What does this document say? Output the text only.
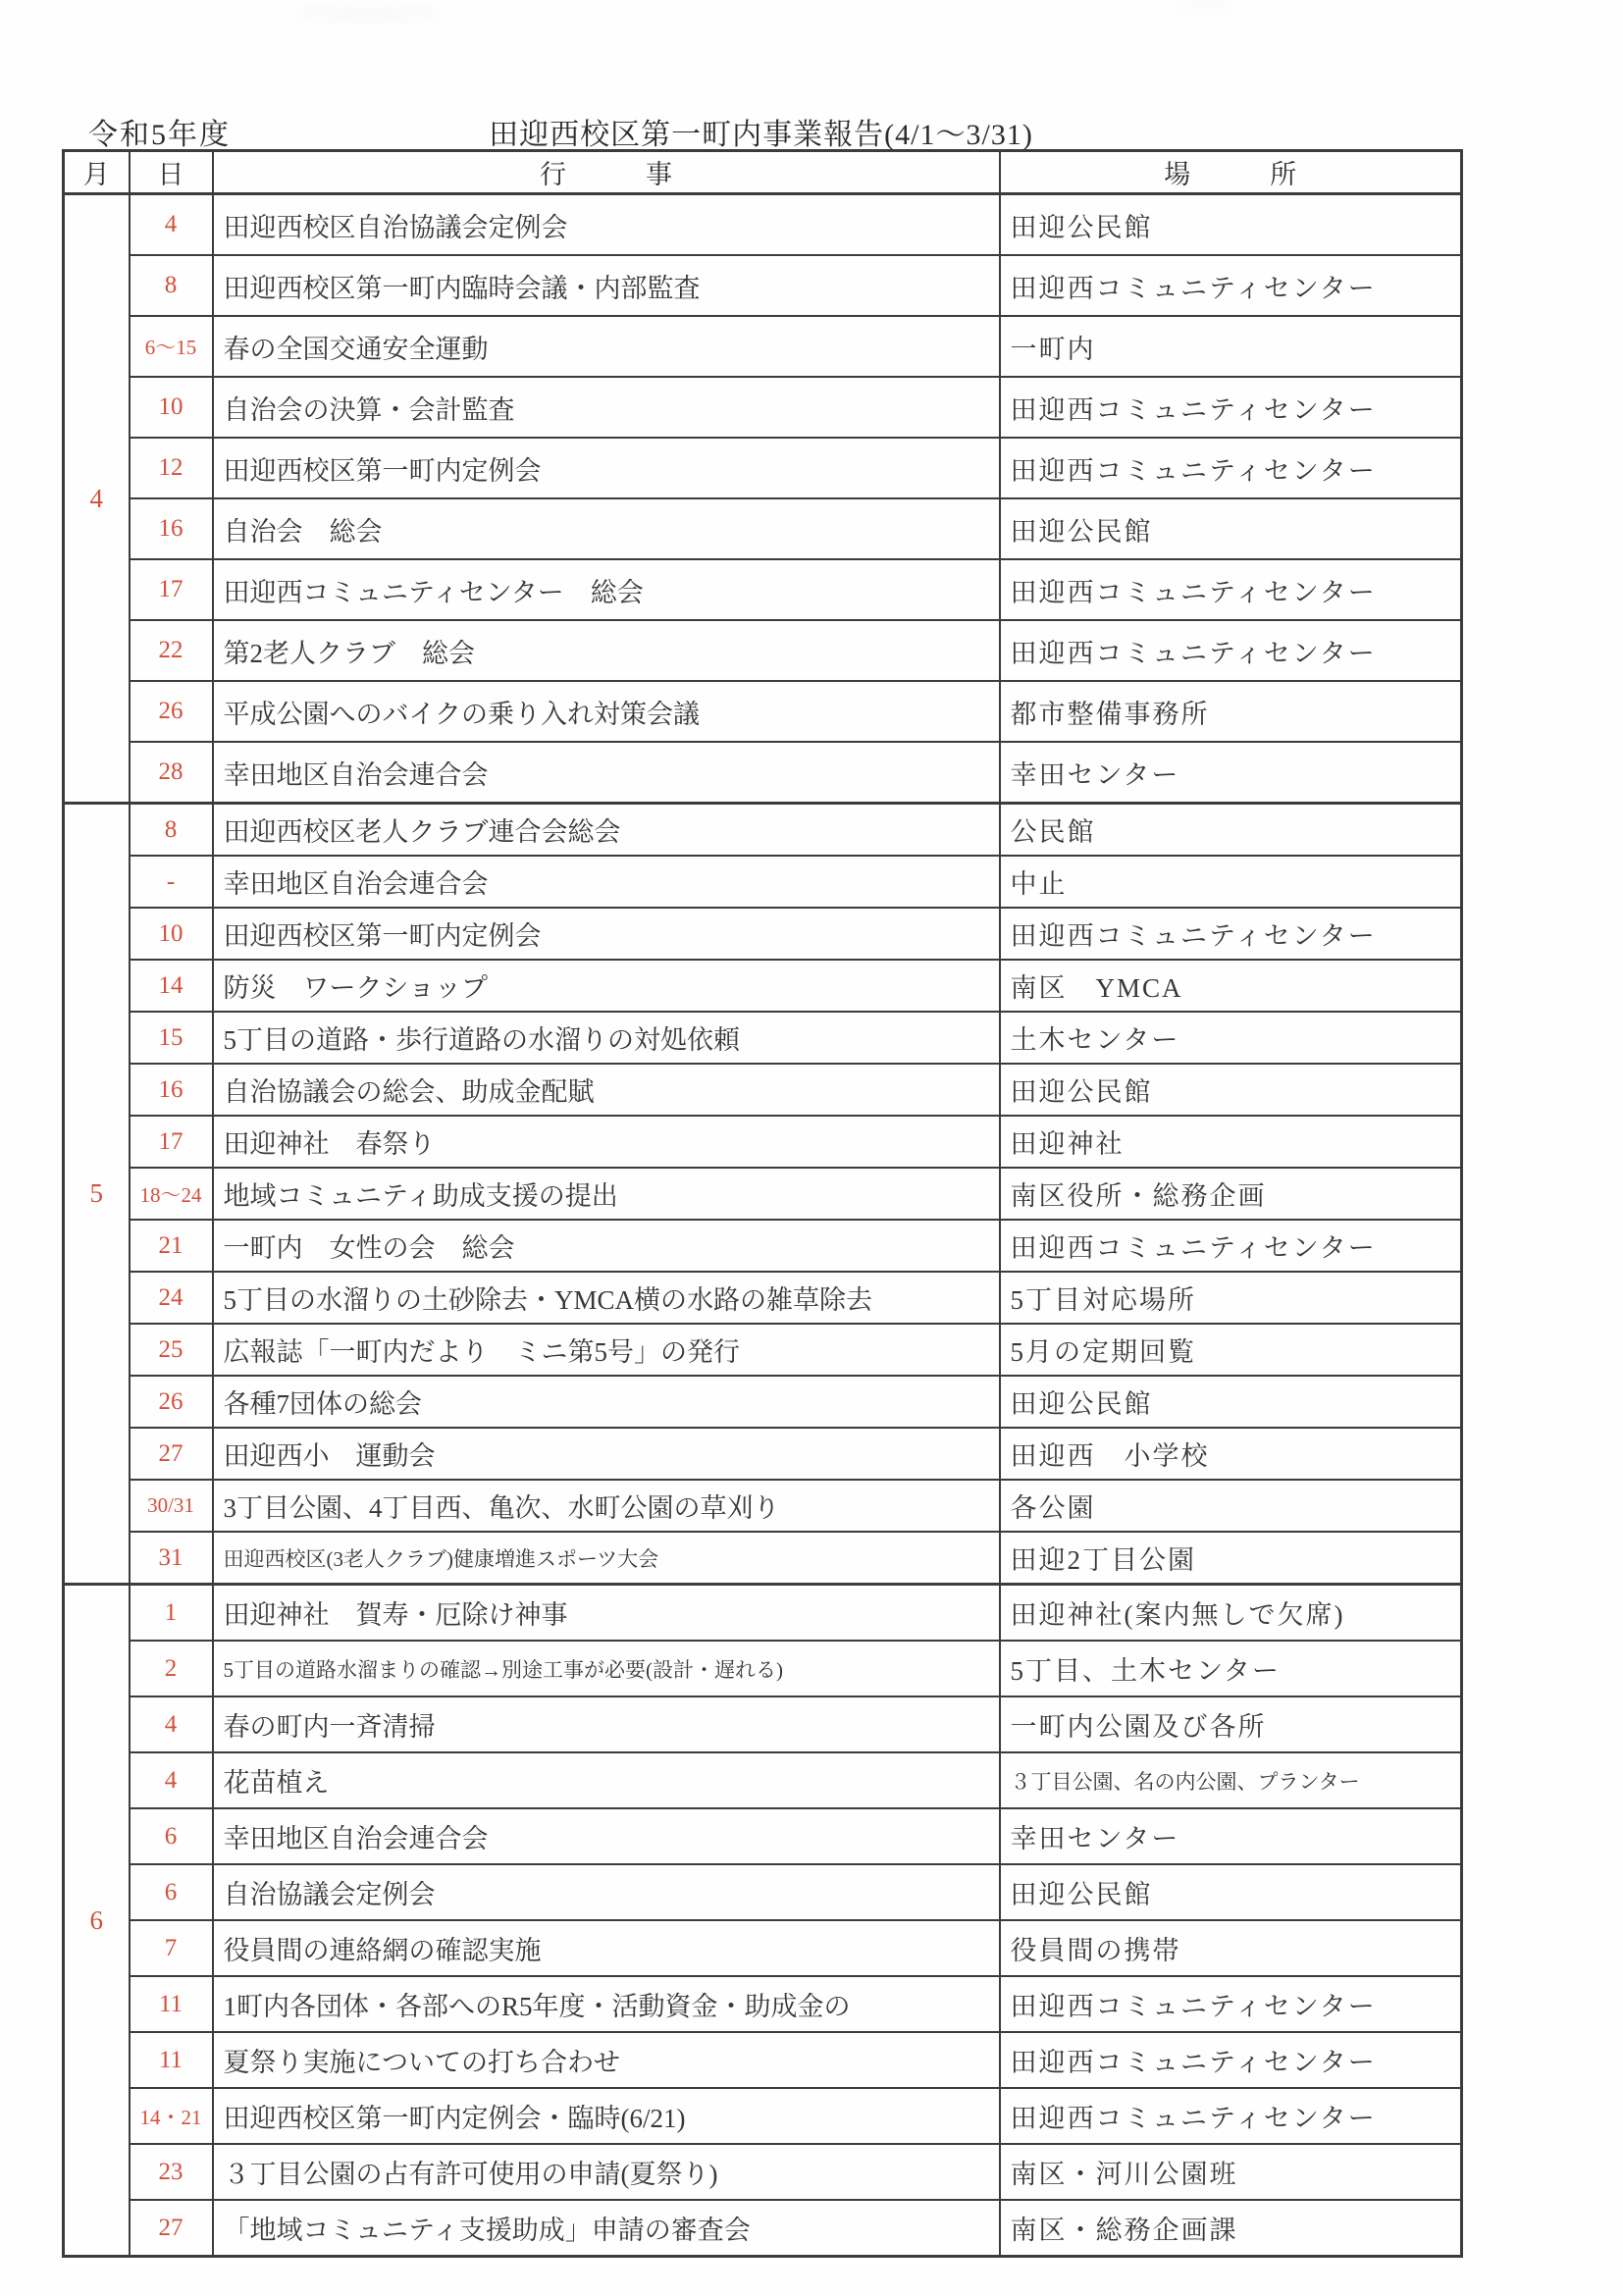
令和5年度	田迎西校区第一町内事業報告(4/1〜3/31)
月	日	行　　　事	場　　　所
4	4	田迎西校区自治協議会定例会	田迎公民館
	8	田迎西校区第一町内臨時会議・内部監査	田迎西コミュニティセンター
	6〜15	春の全国交通安全運動	一町内
	10	自治会の決算・会計監査	田迎西コミュニティセンター
	12	田迎西校区第一町内定例会	田迎西コミュニティセンター
	16	自治会　総会	田迎公民館
	17	田迎西コミュニティセンター　総会	田迎西コミュニティセンター
	22	第2老人クラブ　総会	田迎西コミュニティセンター
	26	平成公園へのバイクの乗り入れ対策会議	都市整備事務所
	28	幸田地区自治会連合会	幸田センター
5	8	田迎西校区老人クラブ連合会総会	公民館
	-	幸田地区自治会連合会	中止
	10	田迎西校区第一町内定例会	田迎西コミュニティセンター
	14	防災　ワークショップ	南区　YMCA
	15	5丁目の道路・歩行道路の水溜りの対処依頼	土木センター
	16	自治協議会の総会、助成金配賦	田迎公民館
	17	田迎神社　春祭り	田迎神社
	18〜24	地域コミュニティ助成支援の提出	南区役所・総務企画
	21	一町内　女性の会　総会	田迎西コミュニティセンター
	24	5丁目の水溜りの土砂除去・YMCA横の水路の雑草除去	5丁目対応場所
	25	広報誌「一町内だより　ミニ第5号」の発行	5月の定期回覧
	26	各種7団体の総会	田迎公民館
	27	田迎西小　運動会	田迎西　小学校
	30/31	3丁目公園、4丁目西、亀次、水町公園の草刈り	各公園
	31	田迎西校区(3老人クラブ)健康増進スポーツ大会	田迎2丁目公園
6	1	田迎神社　賀寿・厄除け神事	田迎神社(案内無しで欠席)
	2	5丁目の道路水溜まりの確認→別途工事が必要(設計・遅れる)	5丁目、土木センター
	4	春の町内一斉清掃	一町内公園及び各所
	4	花苗植え	３丁目公園、名の内公園、プランター
	6	幸田地区自治会連合会	幸田センター
	6	自治協議会定例会	田迎公民館
	7	役員間の連絡網の確認実施	役員間の携帯
	11	1町内各団体・各部へのR5年度・活動資金・助成金の	田迎西コミュニティセンター
	11	夏祭り実施についての打ち合わせ	田迎西コミュニティセンター
	14・21	田迎西校区第一町内定例会・臨時(6/21)	田迎西コミュニティセンター
	23	３丁目公園の占有許可使用の申請(夏祭り)	南区・河川公園班
	27	「地域コミュニティ支援助成」申請の審査会	南区・総務企画課
